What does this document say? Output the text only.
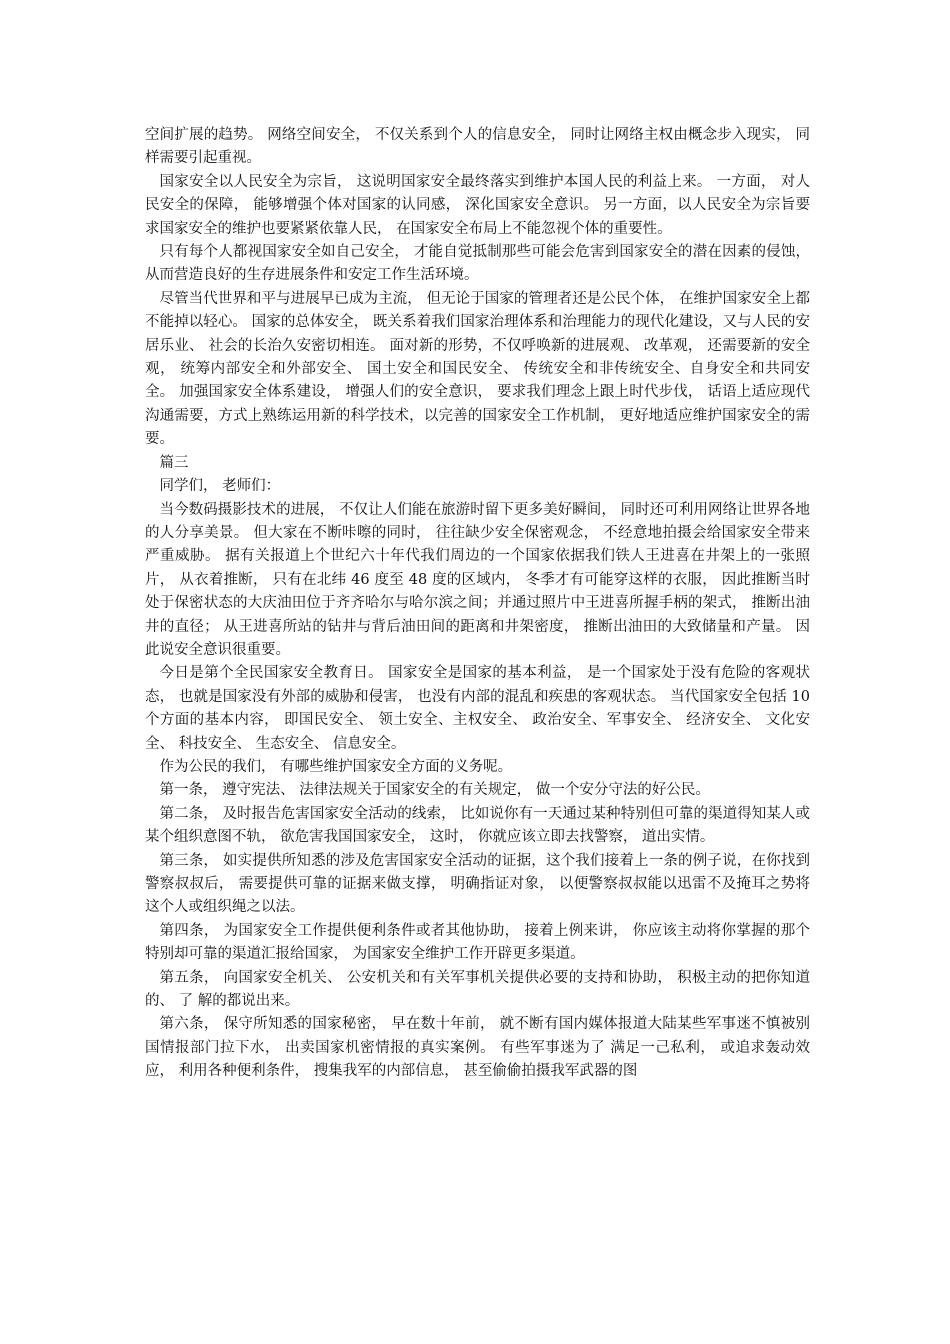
空间扩展的趋势。 网络空间安全， 不仅关系到个人的信息安全， 同时让网络主权由概念步入现实， 同样需要引起重视。

国家安全以人民安全为宗旨， 这说明国家安全最终落实到维护本国人民的利益上来。 一方面， 对人民安全的保障， 能够增强个体对国家的认同感， 深化国家安全意识。 另一方面，以人民安全为宗旨要求国家安全的维护也要紧紧依靠人民， 在国家安全布局上不能忽视个体的重要性。

只有每个人都视国家安全如自己安全， 才能自觉抵制那些可能会危害到国家安全的潜在因素的侵蚀， 从而营造良好的生存进展条件和安定工作生活环境。

尽管当代世界和平与进展早已成为主流， 但无论于国家的管理者还是公民个体， 在维护国家安全上都不能掉以轻心。 国家的总体安全， 既关系着我们国家治理体系和治理能力的现代化建设，又与人民的安居乐业、 社会的长治久安密切相连。 面对新的形势，不仅呼唤新的进展观、 改革观， 还需要新的安全观， 统筹内部安全和外部安全、 国土安全和国民安全、 传统安全和非传统安全、自身安全和共同安全。 加强国家安全体系建设， 增强人们的安全意识， 要求我们理念上跟上时代步伐， 话语上适应现代沟通需要，方式上熟练运用新的科学技术，以完善的国家安全工作机制， 更好地适应维护国家安全的需要。

篇三

同学们， 老师们：

当今数码摄影技术的进展， 不仅让人们能在旅游时留下更多美好瞬间， 同时还可利用网络让世界各地的人分享美景。 但大家在不断咔嚓的同时， 往往缺少安全保密观念， 不经意地拍摄会给国家安全带来严重威胁。 据有关报道上个世纪六十年代我们周边的一个国家依据我们铁人王进喜在井架上的一张照片， 从衣着推断， 只有在北纬 46 度至 48 度的区域内， 冬季才有可能穿这样的衣服， 因此推断当时处于保密状态的大庆油田位于齐齐哈尔与哈尔滨之间；并通过照片中王进喜所握手柄的架式， 推断出油井的直径； 从王进喜所站的钻井与背后油田间的距离和井架密度， 推断出油田的大致储量和产量。 因此说安全意识很重要。

今日是第个全民国家安全教育日。 国家安全是国家的基本利益， 是一个国家处于没有危险的客观状态， 也就是国家没有外部的威胁和侵害， 也没有内部的混乱和疾患的客观状态。 当代国家安全包括 10 个方面的基本内容， 即国民安全、 领土安全、主权安全、 政治安全、军事安全、 经济安全、 文化安全、 科技安全、 生态安全、 信息安全。

作为公民的我们， 有哪些维护国家安全方面的义务呢。

第一条， 遵守宪法、 法律法规关于国家安全的有关规定， 做一个安分守法的好公民。

第二条， 及时报告危害国家安全活动的线索， 比如说你有一天通过某种特别但可靠的渠道得知某人或某个组织意图不轨， 欲危害我国国家安全， 这时， 你就应该立即去找警察， 道出实情。

第三条， 如实提供所知悉的涉及危害国家安全活动的证据，这个我们接着上一条的例子说，在你找到警察叔叔后， 需要提供可靠的证据来做支撑， 明确指证对象， 以便警察叔叔能以迅雷不及掩耳之势将这个人或组织绳之以法。

第四条， 为国家安全工作提供便利条件或者其他协助， 接着上例来讲， 你应该主动将你掌握的那个特别却可靠的渠道汇报给国家， 为国家安全维护工作开辟更多渠道。

第五条， 向国家安全机关、 公安机关和有关军事机关提供必要的支持和协助， 积极主动的把你知道的、 了 解的都说出来。

第六条， 保守所知悉的国家秘密， 早在数十年前， 就不断有国内媒体报道大陆某些军事迷不慎被别国情报部门拉下水， 出卖国家机密情报的真实案例。 有些军事迷为了 满足一己私利， 或追求轰动效应， 利用各种便利条件， 搜集我军的内部信息， 甚至偷偷拍摄我军武器的图
